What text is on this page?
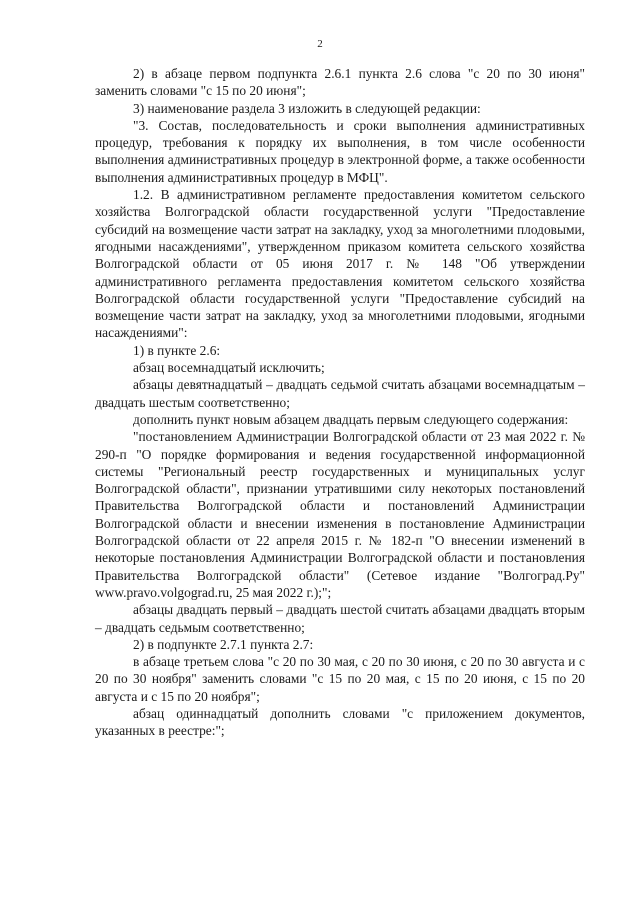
2

2) в абзаце первом подпункта 2.6.1 пункта 2.6 слова "с 20 по 30 июня" заменить словами "с 15 по 20 июня";

3) наименование раздела 3 изложить в следующей редакции:

"3. Состав, последовательность и сроки выполнения административных процедур, требования к порядку их выполнения, в том числе особенности выполнения административных процедур в электронной форме, а также особенности выполнения административных процедур в МФЦ".

1.2. В административном регламенте предоставления комитетом сельского хозяйства Волгоградской области государственной услуги "Предоставление субсидий на возмещение части затрат на закладку, уход за многолетними плодовыми, ягодными насаждениями", утвержденном приказом комитета сельского хозяйства Волгоградской области от 05 июня 2017 г. № 148 "Об утверждении административного регламента предоставления комитетом сельского хозяйства Волгоградской области государственной услуги "Предоставление субсидий на возмещение части затрат на закладку, уход за многолетними плодовыми, ягодными насаждениями":

1) в пункте 2.6:

абзац восемнадцатый исключить;

абзацы девятнадцатый – двадцать седьмой считать абзацами восемнадцатым – двадцать шестым соответственно;

дополнить пункт новым абзацем двадцать первым следующего содержания:

"постановлением Администрации Волгоградской области от 23 мая 2022 г. № 290-п "О порядке формирования и ведения государственной информационной системы "Региональный реестр государственных и муниципальных услуг Волгоградской области", признании утратившими силу некоторых постановлений Правительства Волгоградской области и постановлений Администрации Волгоградской области и внесении изменения в постановление Администрации Волгоградской области от 22 апреля 2015 г. № 182-п "О внесении изменений в некоторые постановления Администрации Волгоградской области и постановления Правительства Волгоградской области" (Сетевое издание "Волгоград.Ру" www.pravo.volgograd.ru, 25 мая 2022 г.);";

абзацы двадцать первый – двадцать шестой считать абзацами двадцать вторым – двадцать седьмым соответственно;

2) в подпункте 2.7.1 пункта 2.7:

в абзаце третьем слова "с 20 по 30 мая, с 20 по 30 июня, с 20 по 30 августа и с 20 по 30 ноября" заменить словами "с 15 по 20 мая, с 15 по 20 июня, с 15 по 20 августа и с 15 по 20 ноября";

абзац одиннадцатый дополнить словами "с приложением документов, указанных в реестре:";
